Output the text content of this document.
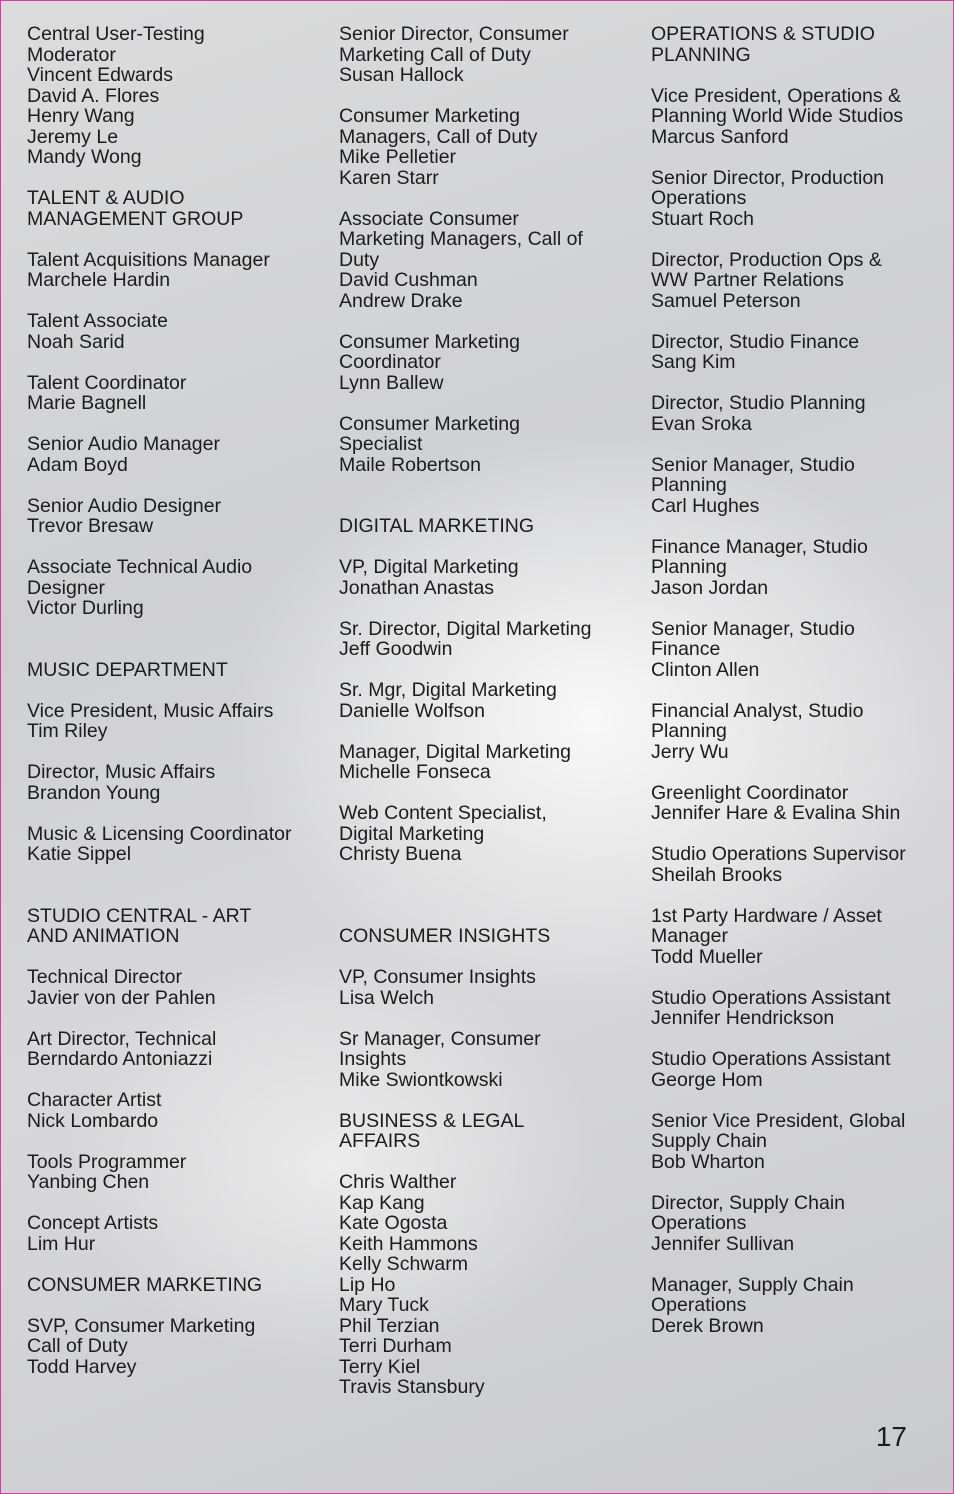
Central User-Testing
Moderator
Vincent Edwards
David A. Flores
Henry Wang
Jeremy Le
Mandy Wong
TALENT & AUDIO
MANAGEMENT GROUP
Talent Acquisitions Manager
Marchele Hardin
Talent Associate
Noah Sarid
Talent Coordinator
Marie Bagnell
Senior Audio Manager
Adam Boyd
Senior Audio Designer
Trevor Bresaw
Associate Technical Audio
Designer
Victor Durling
MUSIC DEPARTMENT
Vice President, Music Affairs
Tim Riley
Director, Music Affairs
Brandon Young
Music & Licensing Coordinator
Katie Sippel
STUDIO CENTRAL - ART
AND ANIMATION
Technical Director
Javier von der Pahlen
Art Director, Technical
Berndardo Antoniazzi
Character Artist
Nick Lombardo
Tools Programmer
Yanbing Chen
Concept Artists
Lim Hur
CONSUMER MARKETING
SVP, Consumer Marketing
Call of Duty
Todd Harvey
Senior Director, Consumer
Marketing Call of Duty
Susan Hallock
Consumer Marketing
Managers, Call of Duty
Mike Pelletier
Karen Starr
Associate Consumer
Marketing Managers, Call of
Duty
David Cushman
Andrew Drake
Consumer Marketing
Coordinator
Lynn Ballew
Consumer Marketing
Specialist
Maile Robertson
DIGITAL MARKETING
VP, Digital Marketing
Jonathan Anastas
Sr. Director, Digital Marketing
Jeff Goodwin
Sr. Mgr, Digital Marketing
Danielle Wolfson
Manager, Digital Marketing
Michelle Fonseca
Web Content Specialist,
Digital Marketing
Christy Buena
CONSUMER INSIGHTS
VP, Consumer Insights
Lisa Welch
Sr Manager, Consumer
Insights
Mike Swiontkowski
BUSINESS & LEGAL
AFFAIRS
Chris Walther
Kap Kang
Kate Ogosta
Keith Hammons
Kelly Schwarm
Lip Ho
Mary Tuck
Phil Terzian
Terri Durham
Terry Kiel
Travis Stansbury
OPERATIONS & STUDIO
PLANNING
Vice President, Operations &
Planning World Wide Studios
Marcus Sanford
Senior Director, Production
Operations
Stuart Roch
Director, Production Ops &
WW Partner Relations
Samuel Peterson
Director, Studio Finance
Sang Kim
Director, Studio Planning
Evan Sroka
Senior Manager, Studio
Planning
Carl Hughes
Finance Manager, Studio
Planning
Jason Jordan
Senior Manager, Studio
Finance
Clinton Allen
Financial Analyst, Studio
Planning
Jerry Wu
Greenlight Coordinator
Jennifer Hare & Evalina Shin
Studio Operations Supervisor
Sheilah Brooks
1st Party Hardware / Asset
Manager
Todd Mueller
Studio Operations Assistant
Jennifer Hendrickson
Studio Operations Assistant
George Hom
Senior Vice President, Global
Supply Chain
Bob Wharton
Director, Supply Chain
Operations
Jennifer Sullivan
Manager, Supply Chain
Operations
Derek Brown
17
